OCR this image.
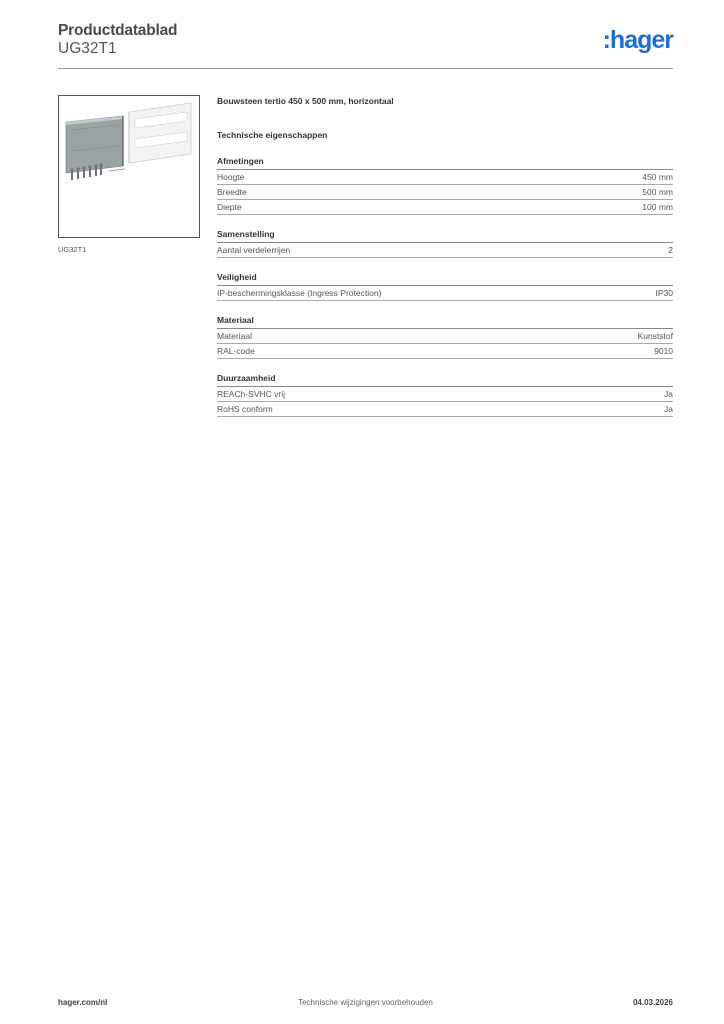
Productdatablad
UG32T1	:hager
UG32T1
Bouwsteen tertio 450 x 500 mm, horizontaal
Technische eigenschappen
Afmetingen
Hoogte	450 mm
Breedte	500 mm
Diepte	100 mm
Samenstelling
Aantal verdelerrijen	2
Veiligheid
IP-beschermingsklasse (Ingress Protection)	IP30
Materiaal
Materiaal	Kunststof
RAL-code	9010
Duurzaamheid
REACh-SVHC vrij	Ja
RoHS conform	Ja
hager.com/nl	Technische wijzigingen voorbehouden	04.03.2026
